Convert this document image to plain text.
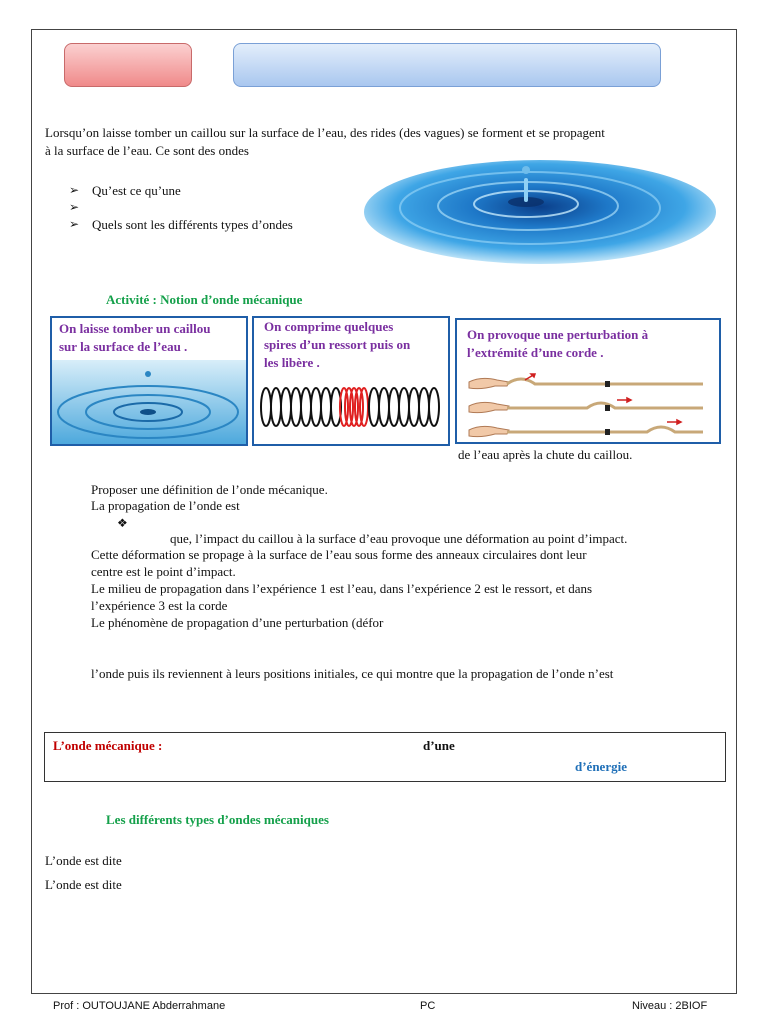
Lorsqu’on laisse tomber un caillou sur la surface de l’eau, des rides (des vagues) se forment et se propagent
à la surface de l’eau. Ce sont des ondes
➢ Qu’est ce qu’une
➢
➢ Quels sont les différents types d’ondes
Activité : Notion d’onde mécanique
On laisse tomber un caillou
sur la surface de l’eau .
On comprime quelques
spires d’un ressort puis on
les libère .
On provoque une perturbation à
l’extrémité d’une corde .
de l’eau après la chute du caillou.
Proposer une définition de l’onde mécanique.
La propagation de l’onde est
❖
que, l’impact du caillou à la surface d’eau provoque une déformation au point d’impact.
Cette déformation se propage à la surface de l’eau sous forme des anneaux circulaires dont leur
centre est le point d’impact.
Le milieu de propagation dans l’expérience 1 est l’eau, dans l’expérience 2 est le ressort, et dans
l’expérience 3 est la corde
Le phénomène de propagation d’une perturbation (défor
l’onde puis ils reviennent à leurs positions initiales, ce qui montre que la propagation de l’onde n’est
L’onde mécanique :	d’une
d’énergie
Les différents types d’ondes mécaniques
L’onde est dite
L’onde est dite
Prof : OUTOUJANE Abderrahmane	PC	Niveau : 2BIOF
